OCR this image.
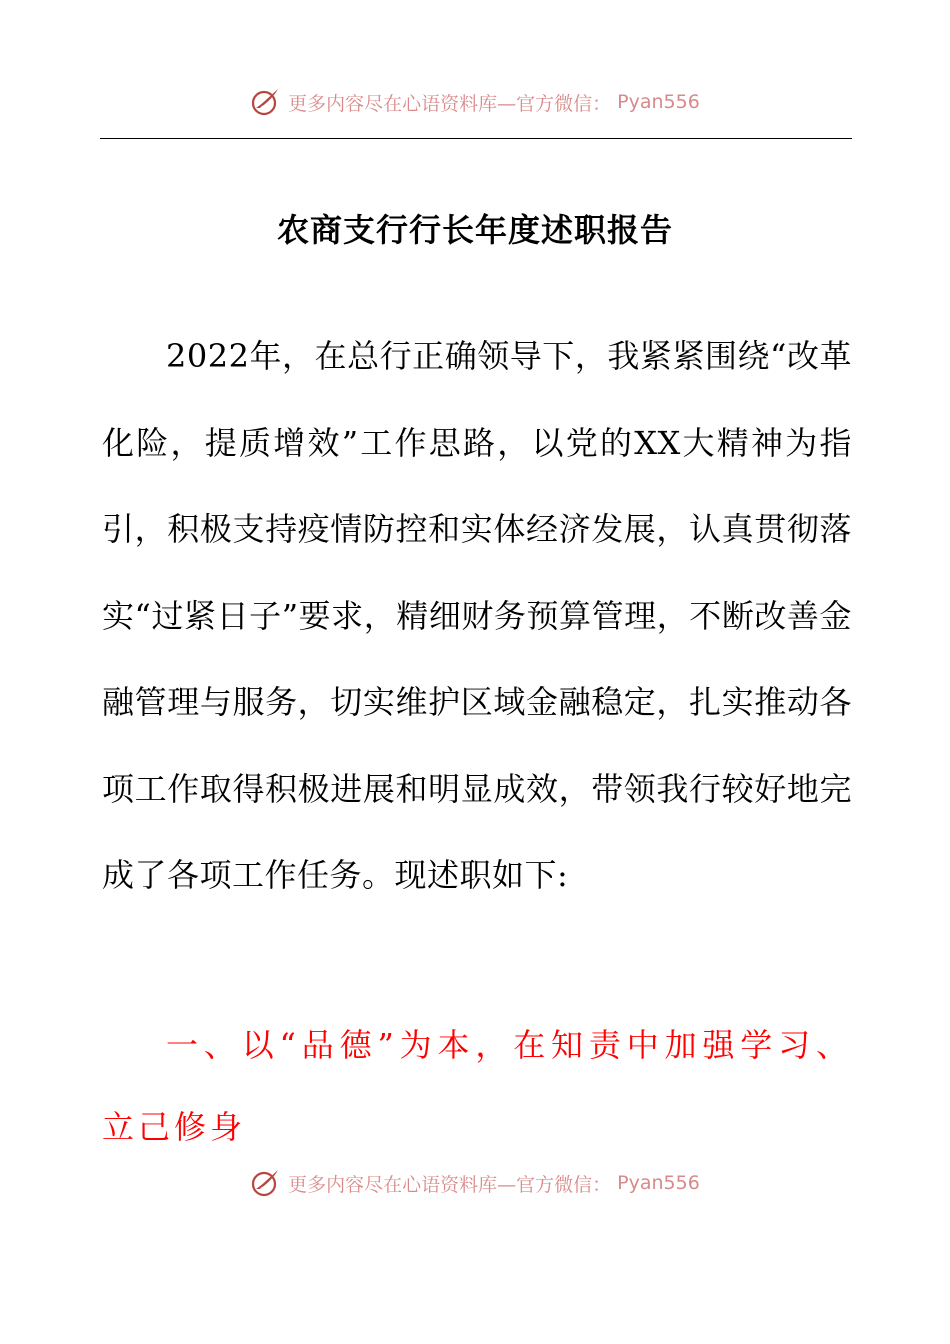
更多内容尽在心语资料库—官方微信： Pyan556
农商支行行长年度述职报告

2022年，在总行正确领导下，我紧紧围绕“改革化险，提质增效”工作思路，以党的XX大精神为指引，积极支持疫情防控和实体经济发展，认真贯彻落实“过紧日子”要求，精细财务预算管理，不断改善金融管理与服务，切实维护区域金融稳定，扎实推动各项工作取得积极进展和明显成效，带领我行较好地完成了各项工作任务。现述职如下:

一、以“品德”为本，在知责中加强学习、立己修身

更多内容尽在心语资料库—官方微信： Pyan556
